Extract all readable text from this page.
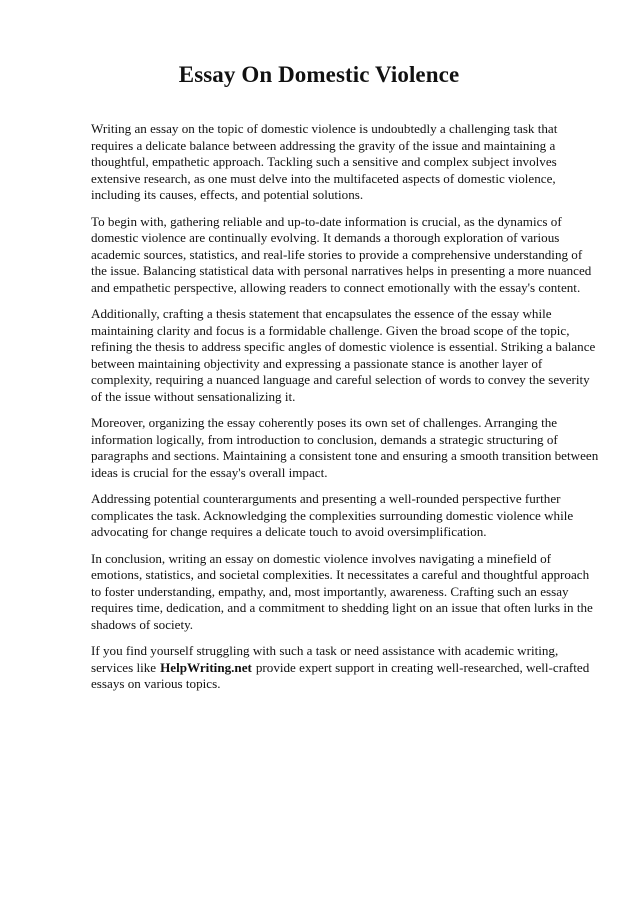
Essay On Domestic Violence

Writing an essay on the topic of domestic violence is undoubtedly a challenging task that requires a delicate balance between addressing the gravity of the issue and maintaining a thoughtful, empathetic approach. Tackling such a sensitive and complex subject involves extensive research, as one must delve into the multifaceted aspects of domestic violence, including its causes, effects, and potential solutions.

To begin with, gathering reliable and up-to-date information is crucial, as the dynamics of domestic violence are continually evolving. It demands a thorough exploration of various academic sources, statistics, and real-life stories to provide a comprehensive understanding of the issue. Balancing statistical data with personal narratives helps in presenting a more nuanced and empathetic perspective, allowing readers to connect emotionally with the essay's content.

Additionally, crafting a thesis statement that encapsulates the essence of the essay while maintaining clarity and focus is a formidable challenge. Given the broad scope of the topic, refining the thesis to address specific angles of domestic violence is essential. Striking a balance between maintaining objectivity and expressing a passionate stance is another layer of complexity, requiring a nuanced language and careful selection of words to convey the severity of the issue without sensationalizing it.

Moreover, organizing the essay coherently poses its own set of challenges. Arranging the information logically, from introduction to conclusion, demands a strategic structuring of paragraphs and sections. Maintaining a consistent tone and ensuring a smooth transition between ideas is crucial for the essay's overall impact.

Addressing potential counterarguments and presenting a well-rounded perspective further complicates the task. Acknowledging the complexities surrounding domestic violence while advocating for change requires a delicate touch to avoid oversimplification.

In conclusion, writing an essay on domestic violence involves navigating a minefield of emotions, statistics, and societal complexities. It necessitates a careful and thoughtful approach to foster understanding, empathy, and, most importantly, awareness. Crafting such an essay requires time, dedication, and a commitment to shedding light on an issue that often lurks in the shadows of society.

If you find yourself struggling with such a task or need assistance with academic writing, services like HelpWriting.net provide expert support in creating well-researched, well-crafted essays on various topics.
